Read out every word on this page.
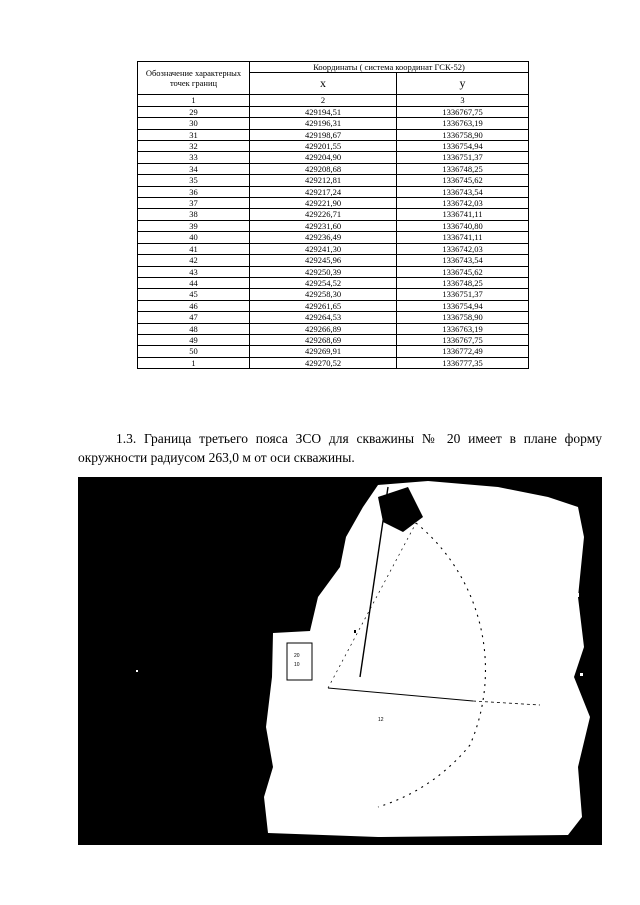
Обозначение характерных точек границ	Координаты ( система координат ГСК-52)	
	х	у
1	2	3
29	429194,51	1336767,75
30	429196,31	1336763,19
31	429198,67	1336758,90
32	429201,55	1336754,94
33	429204,90	1336751,37
34	429208,68	1336748,25
35	429212,81	1336745,62
36	429217,24	1336743,54
37	429221,90	1336742,03
38	429226,71	1336741,11
39	429231,60	1336740,80
40	429236,49	1336741,11
41	429241,30	1336742,03
42	429245,96	1336743,54
43	429250,39	1336745,62
44	429254,52	1336748,25
45	429258,30	1336751,37
46	429261,65	1336754,94
47	429264,53	1336758,90
48	429266,89	1336763,19
49	429268,69	1336767,75
50	429269,91	1336772,49
1	429270,52	1336777,35

1.3. Граница третьего пояса ЗСО для скважины № 20 имеет в плане форму окружности радиусом 263,0 м от оси скважины.

20
10
12
